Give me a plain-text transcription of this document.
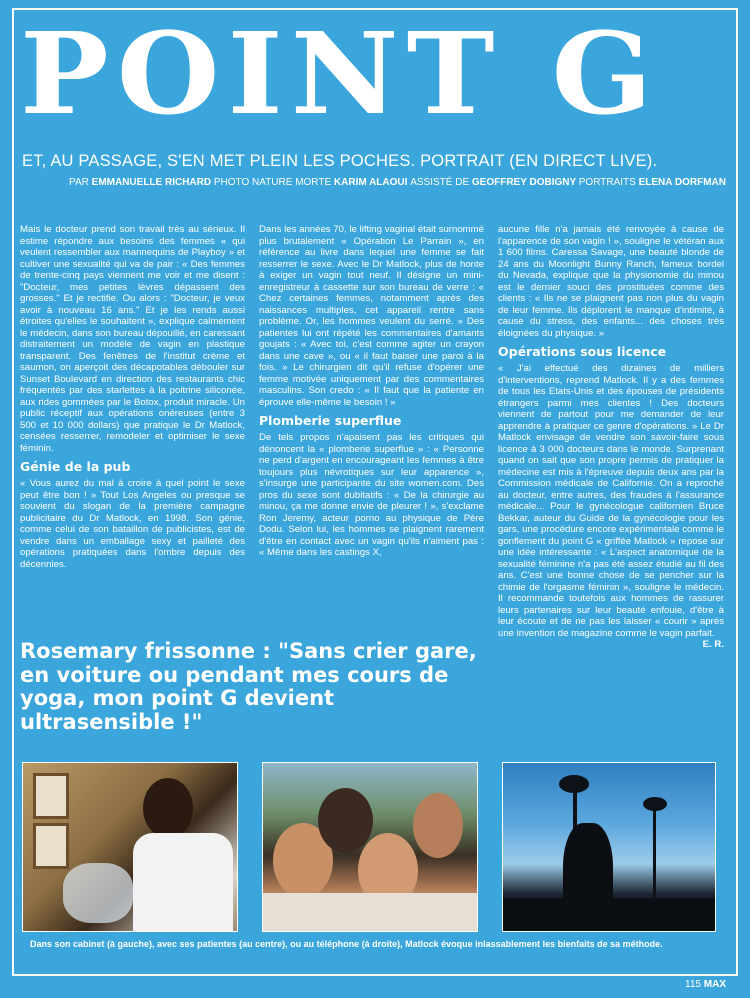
POINT G
ET, AU PASSAGE, S'EN MET PLEIN LES POCHES. PORTRAIT (EN DIRECT LIVE).
PAR EMMANUELLE RICHARD PHOTO NATURE MORTE KARIM ALAOUI ASSISTÉ DE GEOFFREY DOBIGNY PORTRAITS ELENA DORFMAN

Mais le docteur prend son travail très au sérieux. Il estime répondre aux besoins des femmes « qui veulent ressembler aux mannequins de Playboy » et cultiver une sexualité qui va de pair : « Des femmes de trente-cinq pays viennent me voir et me disent : "Docteur, mes petites lèvres dépassent des grosses." Et je rectifie. Ou alors : "Docteur, je veux avoir à nouveau 16 ans." Et je les rends aussi étroites qu'elles le souhaitent », explique calmement le médecin, dans son bureau dépouillé, en caressant distraitement un modèle de vagin en plastique transparent. Des fenêtres de l'institut crème et saumon, on aperçoit des décapotables débouler sur Sunset Boulevard en direction des restaurants chic fréquentés par des starlettes à la poitrine siliconée, aux rides gommées par le Botox, produit miracle. Un public réceptif aux opérations onéreuses (entre 3 500 et 10 000 dollars) que pratique le Dr Matlock, censées resserrer, remodeler et optimiser le sexe féminin.

Génie de la pub

« Vous aurez du mal à croire à quel point le sexe peut être bon ! » Tout Los Angeles ou presque se souvient du slogan de la première campagne publicitaire du Dr Matlock, en 1998. Son génie, comme celui de son bataillon de publicistes, est de vendre dans un emballage sexy et pailleté des opérations pratiquées dans l'ombre depuis des décennies.

Dans les années 70, le lifting vaginal était surnommé plus brutalement « Opération Le Parrain », en référence au livre dans lequel une femme se fait resserrer le sexe. Avec le Dr Matlock, plus de honte à exiger un vagin tout neuf. Il désigne un mini-enregistreur à cassette sur son bureau de verre : « Chez certaines femmes, notamment après des naissances multiples, cet appareil rentre sans problème. Or, les hommes veulent du serré. » Des patientes lui ont répété les commentaires d'amants goujats : « Avec toi, c'est comme agiter un crayon dans une cave », ou « il faut baiser une paroi à la fois. » Le chirurgien dit qu'il refuse d'opérer une femme motivée uniquement par des commentaires masculins. Son credo : « Il faut que la patiente en éprouve elle-même le besoin ! »

Plomberie superflue

De tels propos n'apaisent pas les critiques qui dénoncent la « plomberie superflue » : « Personne ne perd d'argent en encourageant les femmes à être toujours plus névrotiques sur leur apparence », s'insurge une participante du site women.com. Des pros du sexe sont dubitatifs : « De la chirurgie au minou, ça me donne envie de pleurer ! », s'exclame Ron Jeremy, acteur porno au physique de Père Dodu. Selon lui, les hommes se plaignent rarement d'être en contact avec un vagin qu'ils n'aiment pas : « Même dans les castings X,

aucune fille n'a jamais été renvoyée à cause de l'apparence de son vagin ! », souligne le vétéran aux 1 600 films. Caressa Savage, une beauté blonde de 24 ans du Moonlight Bunny Ranch, fameux bordel du Nevada, explique que la physionomie du minou est le dernier souci des prostituées comme des clients : « Ils ne se plaignent pas non plus du vagin de leur femme. Ils déplorent le manque d'intimité, à cause du stress, des enfants... des choses très éloignées du physique. »

Opérations sous licence

« J'ai effectué des dizaines de milliers d'interventions, reprend Matlock. Il y a des femmes de tous les Etats-Unis et des épouses de présidents étrangers parmi mes clientes ! Des docteurs viennent de partout pour me demander de leur apprendre à pratiquer ce genre d'opérations. » Le Dr Matlock envisage de vendre son savoir-faire sous licence à 3 000 docteurs dans le monde. Surprenant quand on sait que son propre permis de pratiquer la médecine est mis à l'épreuve depuis deux ans par la Commission médicale de Californie. On a reproché au docteur, entre autres, des fraudes à l'assurance médicale... Pour le gynécologue californien Bruce Bekkar, auteur du Guide de la gynécologie pour les gars, une procédure encore expérimentale comme le gonflement du point G « griffée Matlock » repose sur une idée intéressante : « L'aspect anatomique de la sexualité féminine n'a pas été assez étudié au fil des ans. C'est une bonne chose de se pencher sur la chimie de l'orgasme féminin », souligne le médecin. Il recommande toutefois aux hommes de rassurer leurs partenaires sur leur beauté enfouie, d'être à leur écoute et de ne pas les laisser « courir » après une invention de magazine comme le vagin parfait.

E. R.
Rosemary frissonne : "Sans crier gare, en voiture ou pendant mes cours de yoga, mon point G devient ultrasensible !"
Dans son cabinet (à gauche), avec ses patientes (au centre), ou au téléphone (à droite), Matlock évoque inlassablement les bienfaits de sa méthode.
115 MAX
